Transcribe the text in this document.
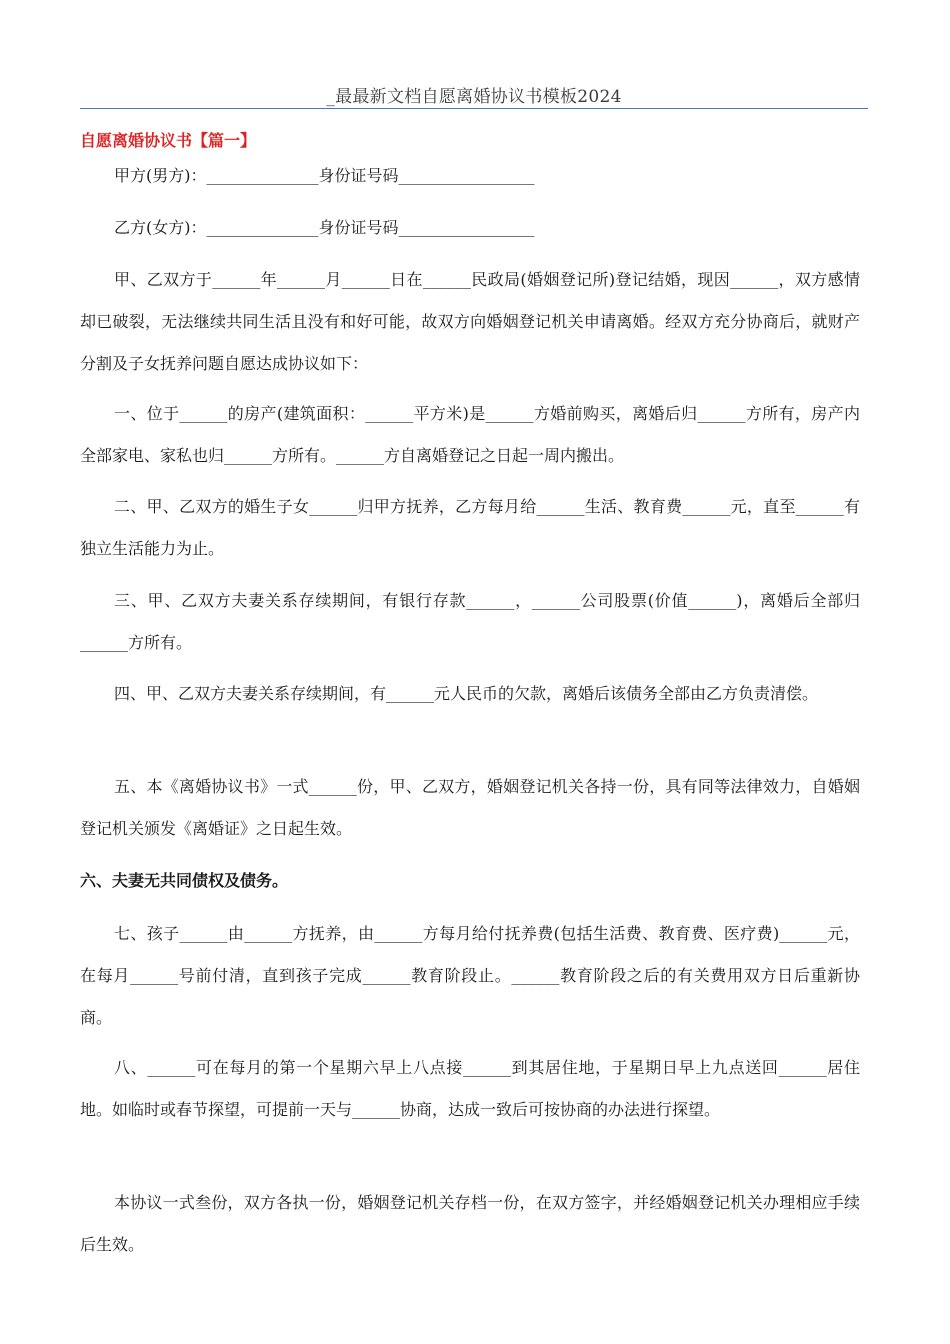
_最最新文档自愿离婚协议书模板2024
自愿离婚协议书【篇一】

甲方(男方)：______________身份证号码_________________

乙方(女方)：______________身份证号码_________________

甲、乙双方于______年______月______日在______民政局(婚姻登记所)登记结婚，现因______，双方感情却已破裂，无法继续共同生活且没有和好可能，故双方向婚姻登记机关申请离婚。经双方充分协商后，就财产分割及子女抚养问题自愿达成协议如下：

一、位于______的房产(建筑面积：______平方米)是______方婚前购买，离婚后归______方所有，房产内全部家电、家私也归______方所有。______方自离婚登记之日起一周内搬出。

二、甲、乙双方的婚生子女______归甲方抚养，乙方每月给______生活、教育费______元，直至______有独立生活能力为止。

三、甲、乙双方夫妻关系存续期间，有银行存款______，______公司股票(价值______)，离婚后全部归______方所有。

四、甲、乙双方夫妻关系存续期间，有______元人民币的欠款，离婚后该债务全部由乙方负责清偿。

五、本《离婚协议书》一式______份，甲、乙双方，婚姻登记机关各持一份，具有同等法律效力，自婚姻登记机关颁发《离婚证》之日起生效。

六、夫妻无共同债权及债务。

七、孩子______由______方抚养，由______方每月给付抚养费(包括生活费、教育费、医疗费)______元，在每月______号前付清，直到孩子完成______教育阶段止。______教育阶段之后的有关费用双方日后重新协商。

八、______可在每月的第一个星期六早上八点接______到其居住地，于星期日早上九点送回______居住地。如临时或春节探望，可提前一天与______协商，达成一致后可按协商的办法进行探望。

本协议一式叁份，双方各执一份，婚姻登记机关存档一份，在双方签字，并经婚姻登记机关办理相应手续后生效。
